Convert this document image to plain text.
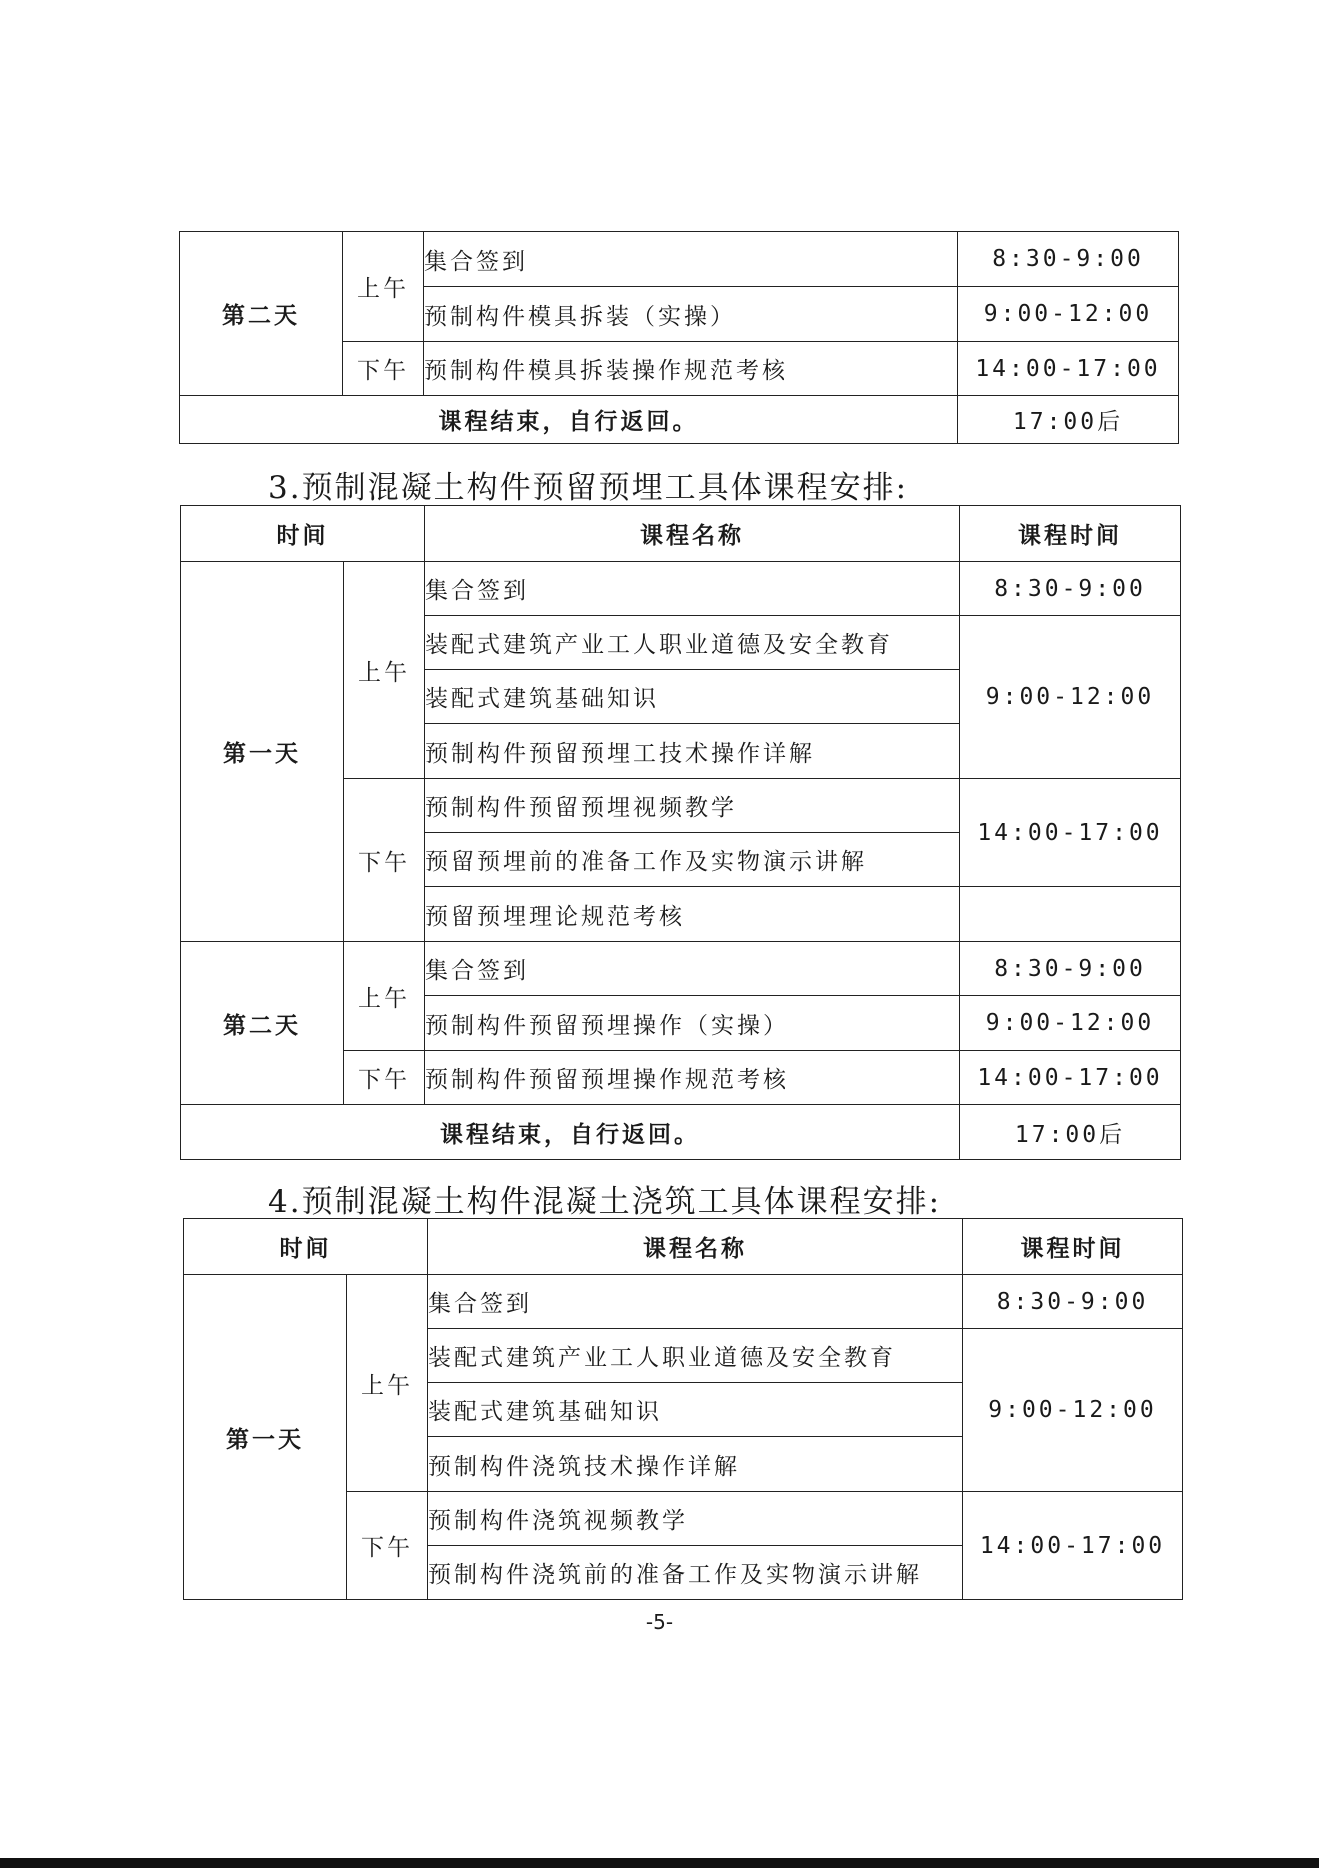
第二天	上午	集合签到	8:30-9:00
		预制构件模具拆装（实操）	9:00-12:00
	下午	预制构件模具拆装操作规范考核	14:00-17:00
课程结束，自行返回。			17:00后
3.预制混凝土构件预留预埋工具体课程安排:
时间		课程名称	课程时间
第一天	上午	集合签到	8:30-9:00
		装配式建筑产业工人职业道德及安全教育	9:00-12:00
		装配式建筑基础知识	
		预制构件预留预埋工技术操作详解	
	下午	预制构件预留预埋视频教学	14:00-17:00
		预留预埋前的准备工作及实物演示讲解	
		预留预埋理论规范考核	
第二天	上午	集合签到	8:30-9:00
		预制构件预留预埋操作（实操）	9:00-12:00
	下午	预制构件预留预埋操作规范考核	14:00-17:00
课程结束，自行返回。			17:00后
4.预制混凝土构件混凝土浇筑工具体课程安排:
时间		课程名称	课程时间
第一天	上午	集合签到	8:30-9:00
		装配式建筑产业工人职业道德及安全教育	9:00-12:00
		装配式建筑基础知识	
		预制构件浇筑技术操作详解	
	下午	预制构件浇筑视频教学	14:00-17:00
		预制构件浇筑前的准备工作及实物演示讲解	
-5-
